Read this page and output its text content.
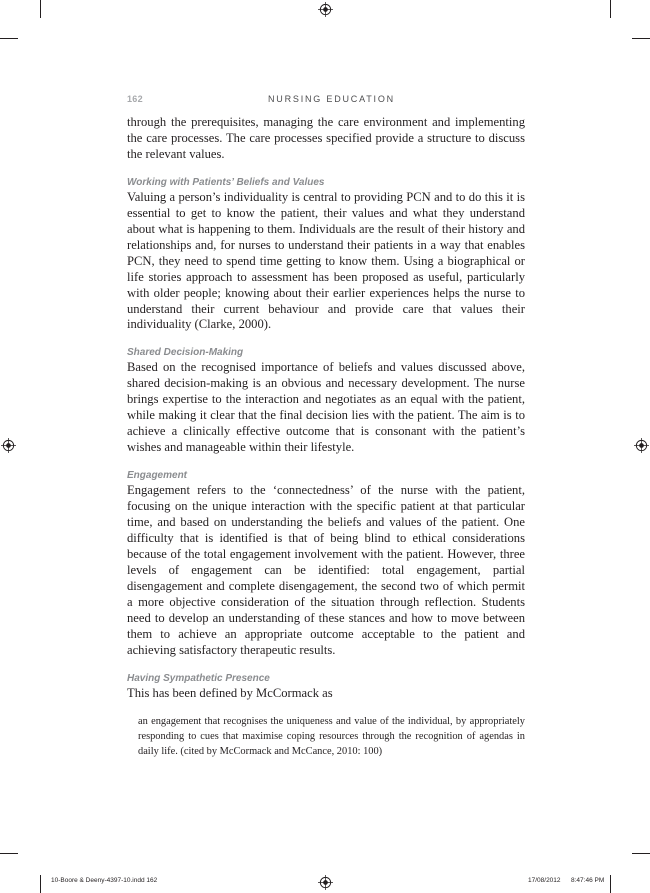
162	NURSING EDUCATION

through the prerequisites, managing the care environment and implementing the care processes. The care processes specified provide a structure to discuss the relevant values.

Working with Patients’ Beliefs and Values

Valuing a person’s individuality is central to providing PCN and to do this it is essential to get to know the patient, their values and what they understand about what is happening to them. Individuals are the result of their history and relationships and, for nurses to understand their patients in a way that enables PCN, they need to spend time getting to know them. Using a biographical or life stories approach to assessment has been proposed as useful, particularly with older people; knowing about their earlier experiences helps the nurse to understand their current behaviour and provide care that values their individuality (Clarke, 2000).

Shared Decision-Making

Based on the recognised importance of beliefs and values discussed above, shared decision-making is an obvious and necessary development. The nurse brings expertise to the interaction and negotiates as an equal with the patient, while making it clear that the final decision lies with the patient. The aim is to achieve a clinically effective outcome that is consonant with the patient’s wishes and manageable within their lifestyle.

Engagement

Engagement refers to the ‘connectedness’ of the nurse with the patient, focusing on the unique interaction with the specific patient at that particular time, and based on understanding the beliefs and values of the patient. One difficulty that is identified is that of being blind to ethical considerations because of the total engagement involvement with the patient. However, three levels of engagement can be identified: total engagement, partial disengagement and complete disengagement, the second two of which permit a more objective consideration of the situation through reflection. Students need to develop an understanding of these stances and how to move between them to achieve an appropriate outcome acceptable to the patient and achieving satisfactory therapeutic results.

Having Sympathetic Presence

This has been defined by McCormack as

an engagement that recognises the uniqueness and value of the individual, by appropriately responding to cues that maximise coping resources through the recognition of agendas in daily life. (cited by McCormack and McCance, 2010: 100)

10-Boore & Deeny-4397-10.indd 162	17/08/2012 8:47:46 PM
